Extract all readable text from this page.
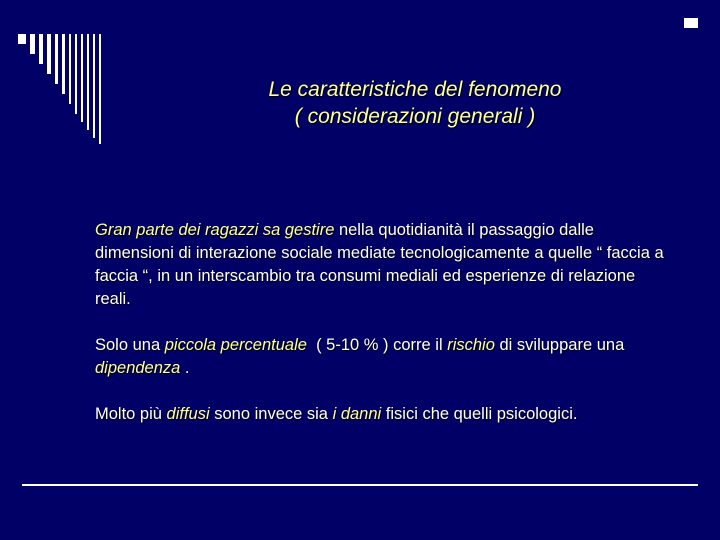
Le caratteristiche del fenomeno
( considerazioni generali )

Gran parte dei ragazzi sa gestire nella quotidianità il passaggio dalle dimensioni di interazione sociale mediate tecnologicamente a quelle “ faccia a faccia “, in un interscambio tra consumi mediali ed esperienze di relazione reali.

Solo una piccola percentuale  ( 5-10 % ) corre il rischio di sviluppare una dipendenza .

Molto più diffusi sono invece sia i danni fisici che quelli psicologici.
